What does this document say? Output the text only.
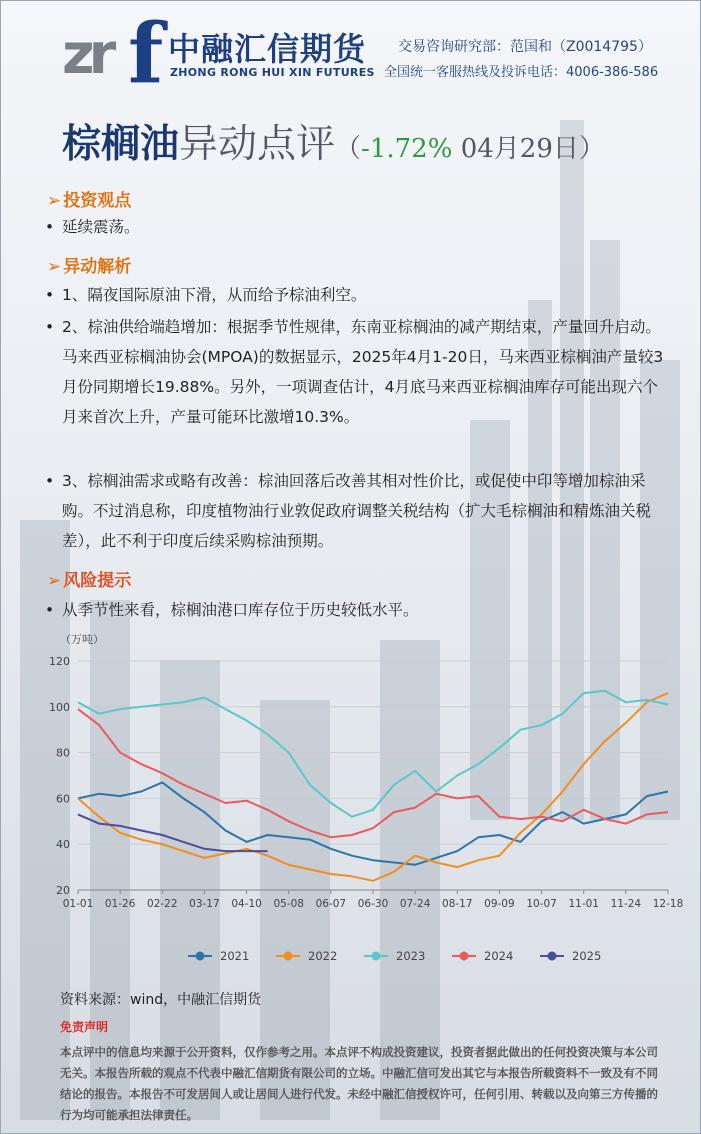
zr f 中融汇信期货
ZHONG RONG HUI XIN FUTURES
交易咨询研究部：范国和（Z0014795）
全国统一客服热线及投诉电话：4006-386-586
棕榈油异动点评（-1.72% 04月29日）
➢ 投资观点
• 延续震荡。
➢ 异动解析
• 1、隔夜国际原油下滑，从而给予棕油利空。
• 2、棕油供给端趋增加：根据季节性规律，东南亚棕榈油的减产期结束，产量回升启动。马来西亚棕榈油协会(MPOA)的数据显示，2025年4月1-20日，马来西亚棕榈油产量较3月份同期增长19.88%。另外，一项调查估计，4月底马来西亚棕榈油库存可能出现六个月来首次上升，产量可能环比激增10.3%。
• 3、棕榈油需求或略有改善：棕油回落后改善其相对性价比，或促使中印等增加棕油采购。不过消息称，印度植物油行业敦促政府调整关税结构（扩大毛棕榈油和精炼油关税差），此不利于印度后续采购棕油预期。
➢ 风险提示
• 从季节性来看，棕榈油港口库存位于历史较低水平。
（万吨）
20
40
60
80
100
120
01-01 01-26 02-22 03-17 04-10 05-08 06-07 06-30 07-24 08-17 09-09 10-07 11-01 11-24 12-18
2021	2022	2023	2024	2025
资料来源：wind，中融汇信期货
免责声明
本点评中的信息均来源于公开资料，仅作参考之用。本点评不构成投资建议，投资者据此做出的任何投资决策与本公司无关。本报告所载的观点不代表中融汇信期货有限公司的立场。中融汇信可发出其它与本报告所载资料不一致及有不同结论的报告。本报告不可发居间人或让居间人进行代发。未经中融汇信授权许可，任何引用、转载以及向第三方传播的行为均可能承担法律责任。
